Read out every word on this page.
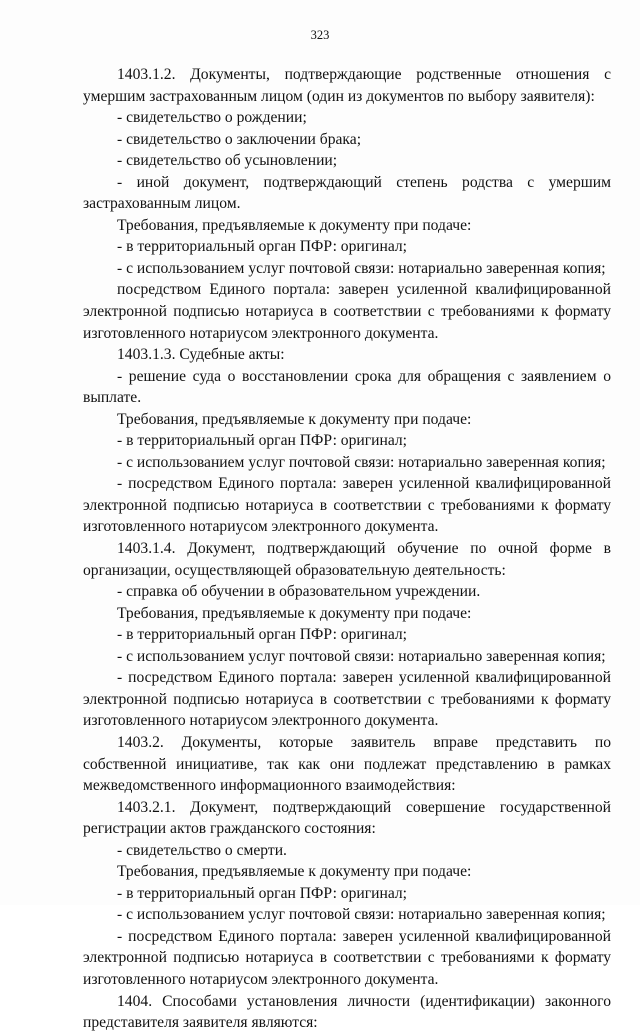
323

1403.1.2. Документы, подтверждающие родственные отношения с умершим застрахованным лицом (один из документов по выбору заявителя):

- свидетельство о рождении;

- свидетельство о заключении брака;

- свидетельство об усыновлении;

- иной документ, подтверждающий степень родства с умершим застрахованным лицом.

Требования, предъявляемые к документу при подаче:

- в территориальный орган ПФР: оригинал;

- с использованием услуг почтовой связи: нотариально заверенная копия;

посредством Единого портала: заверен усиленной квалифицированной электронной подписью нотариуса в соответствии с требованиями к формату изготовленного нотариусом электронного документа.

1403.1.3. Судебные акты:

- решение суда о восстановлении срока для обращения с заявлением о выплате.

Требования, предъявляемые к документу при подаче:

- в территориальный орган ПФР: оригинал;

- с использованием услуг почтовой связи: нотариально заверенная копия;

- посредством Единого портала: заверен усиленной квалифицированной электронной подписью нотариуса в соответствии с требованиями к формату изготовленного нотариусом электронного документа.

1403.1.4. Документ, подтверждающий обучение по очной форме в организации, осуществляющей образовательную деятельность:

- справка об обучении в образовательном учреждении.

Требования, предъявляемые к документу при подаче:

- в территориальный орган ПФР: оригинал;

- с использованием услуг почтовой связи: нотариально заверенная копия;

- посредством Единого портала: заверен усиленной квалифицированной электронной подписью нотариуса в соответствии с требованиями к формату изготовленного нотариусом электронного документа.

1403.2. Документы, которые заявитель вправе представить по собственной инициативе, так как они подлежат представлению в рамках межведомственного информационного взаимодействия:

1403.2.1. Документ, подтверждающий совершение государственной регистрации актов гражданского состояния:

- свидетельство о смерти.

Требования, предъявляемые к документу при подаче:

- в территориальный орган ПФР: оригинал;

- с использованием услуг почтовой связи: нотариально заверенная копия;

- посредством Единого портала: заверен усиленной квалифицированной электронной подписью нотариуса в соответствии с требованиями к формату изготовленного нотариусом электронного документа.

1404. Способами установления личности (идентификации) законного представителя заявителя являются:
